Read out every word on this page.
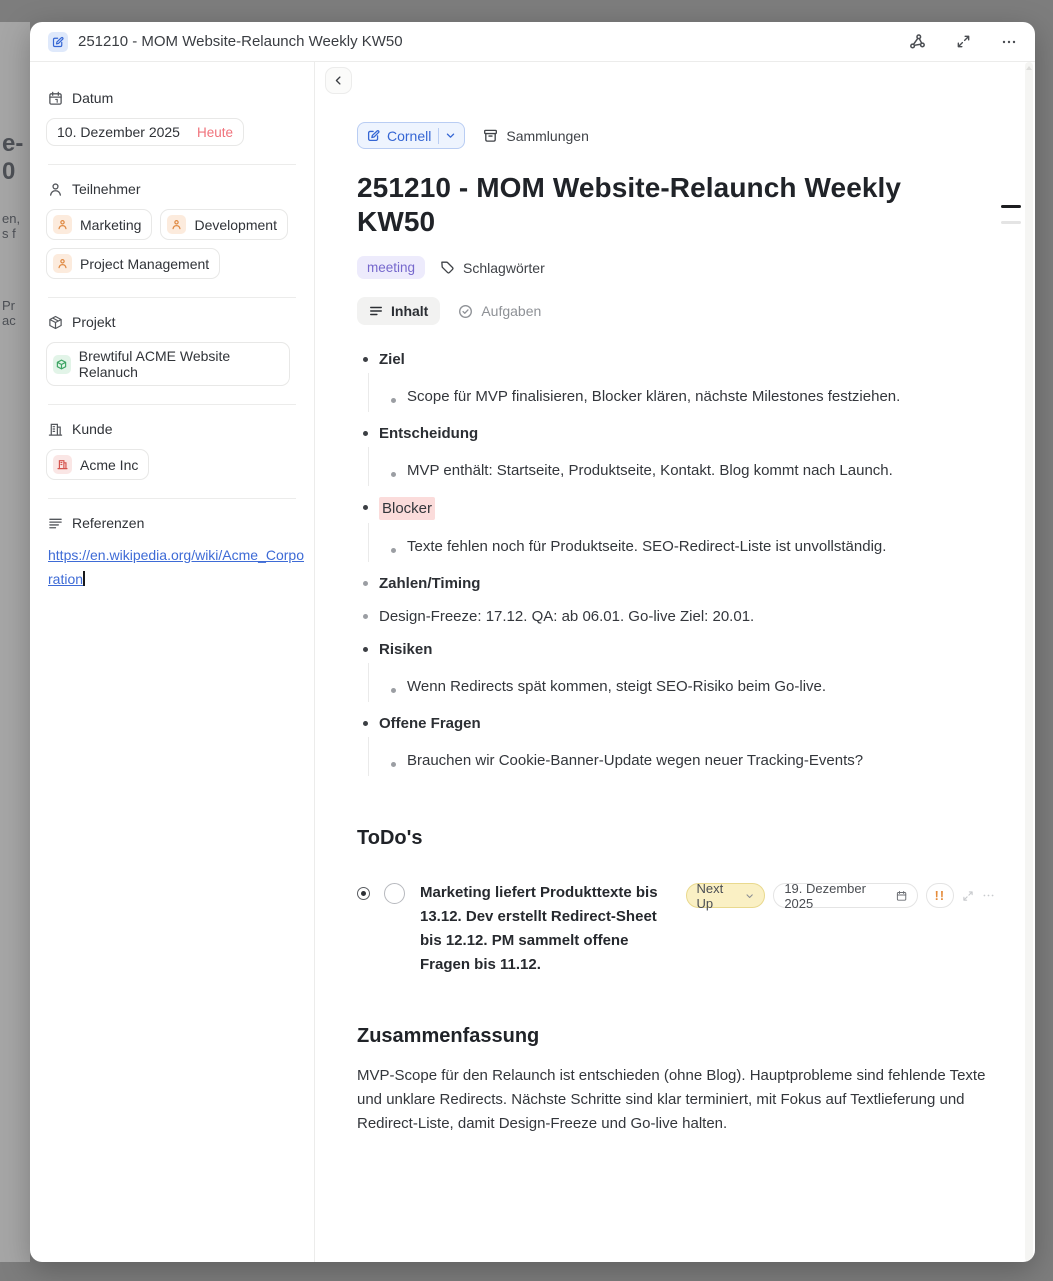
e-
0
en,
s f
Pr
ac
251210 - MOM Website-Relaunch Weekly KW50
Datum
10. Dezember 2025 Heute
Teilnehmer
Marketing	Development
Project Management
Projekt
Brewtiful ACME Website Relanuch
Kunde
Acme Inc
Referenzen
https://en.wikipedia.org/wiki/Acme_Corporation
Cornell	Sammlungen
251210 - MOM Website-Relaunch Weekly KW50
meeting	Schlagwörter
Inhalt	Aufgaben
Ziel
Scope für MVP finalisieren, Blocker klären, nächste Milestones festziehen.
Entscheidung
MVP enthält: Startseite, Produktseite, Kontakt. Blog kommt nach Launch.
Blocker
Texte fehlen noch für Produktseite. SEO-Redirect-Liste ist unvollständig.
Zahlen/Timing
Design-Freeze: 17.12. QA: ab 06.01. Go-live Ziel: 20.01.
Risiken
Wenn Redirects spät kommen, steigt SEO-Risiko beim Go-live.
Offene Fragen
Brauchen wir Cookie-Banner-Update wegen neuer Tracking-Events?
ToDo's
Marketing liefert Produkttexte bis 13.12. Dev erstellt Redirect-Sheet bis 12.12. PM sammelt offene Fragen bis 11.12.
Next Up
19. Dezember 2025	!!
Zusammenfassung

MVP-Scope für den Relaunch ist entschieden (ohne Blog). Hauptprobleme sind fehlende Texte und unklare Redirects. Nächste Schritte sind klar terminiert, mit Fokus auf Textlieferung und Redirect-Liste, damit Design-Freeze und Go-live halten.
